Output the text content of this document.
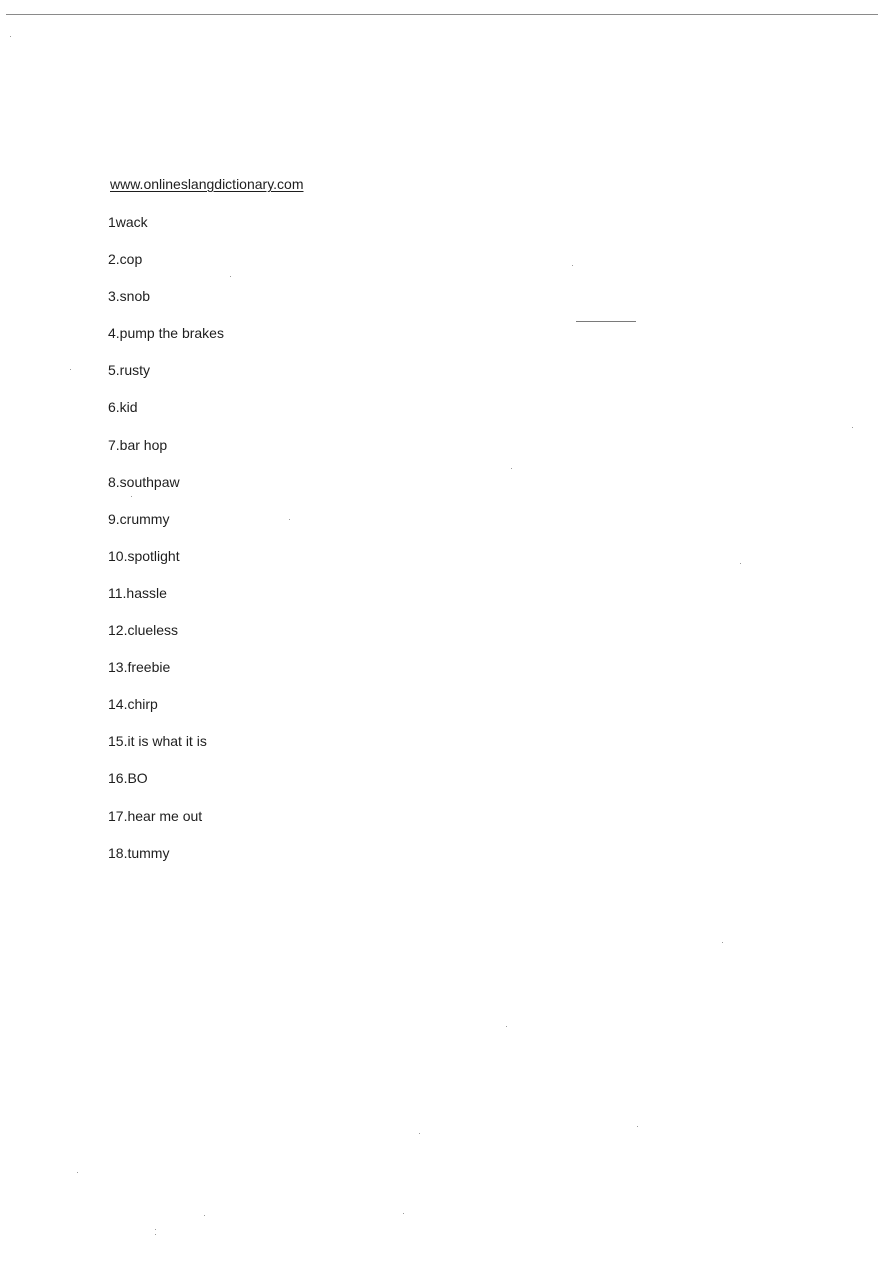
www.onlineslangdictionary.com
1wack
2.cop
3.snob
4.pump the brakes
5.rusty
6.kid
7.bar hop
8.southpaw
9.crummy
10.spotlight
11.hassle
12.clueless
13.freebie
14.chirp
15.it is what it is
16.BO
17.hear me out
18.tummy
